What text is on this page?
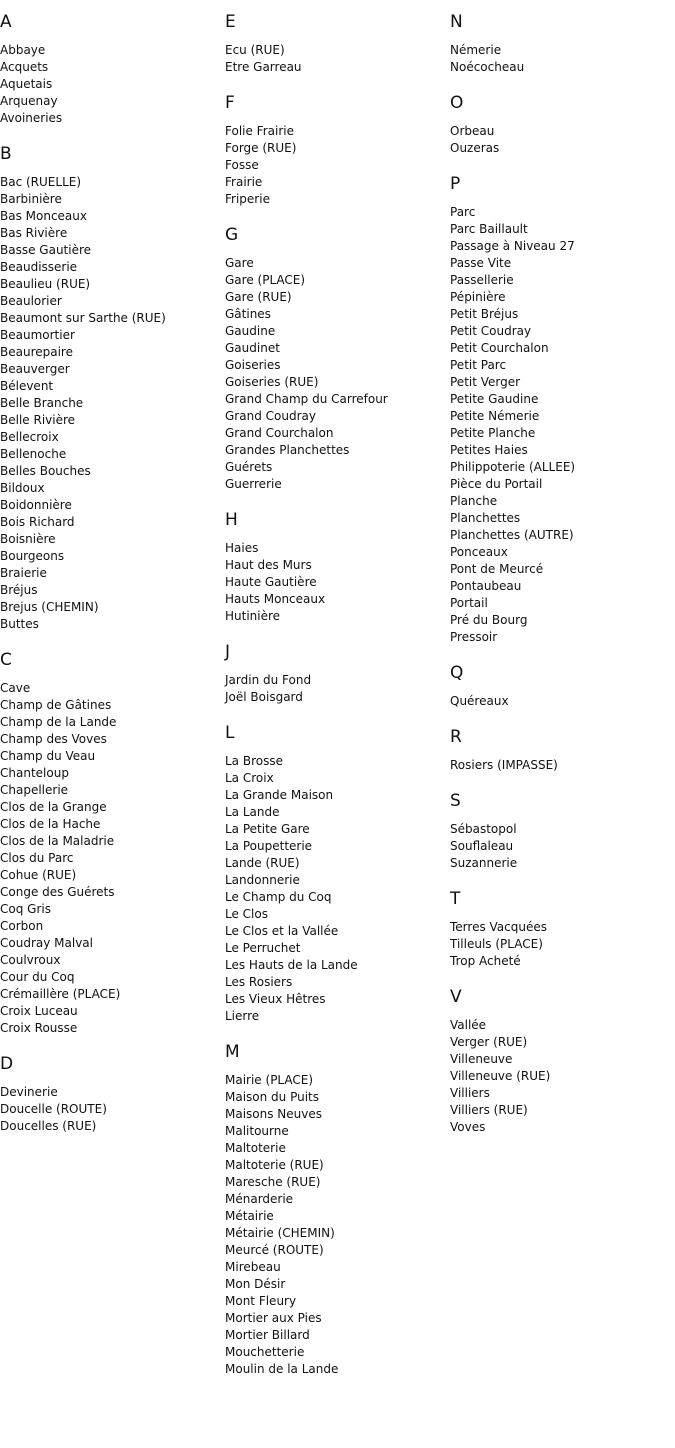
A
Abbaye
Acquets
Aquetais
Arquenay
Avoineries
B
Bac (RUELLE)
Barbinière
Bas Monceaux
Bas Rivière
Basse Gautière
Beaudisserie
Beaulieu (RUE)
Beaulorier
Beaumont sur Sarthe (RUE)
Beaumortier
Beaurepaire
Beauverger
Bélevent
Belle Branche
Belle Rivière
Bellecroix
Bellenoche
Belles Bouches
Bildoux
Boidonnière
Bois Richard
Boisnière
Bourgeons
Braierie
Bréjus
Brejus (CHEMIN)
Buttes
C
Cave
Champ de Gâtines
Champ de la Lande
Champ des Voves
Champ du Veau
Chanteloup
Chapellerie
Clos de la Grange
Clos de la Hache
Clos de la Maladrie
Clos du Parc
Cohue (RUE)
Conge des Guérets
Coq Gris
Corbon
Coudray Malval
Coulvroux
Cour du Coq
Crémaillère (PLACE)
Croix Luceau
Croix Rousse
D
Devinerie
Doucelle (ROUTE)
Doucelles (RUE)
E
Ecu (RUE)
Etre Garreau
F
Folie Frairie
Forge (RUE)
Fosse
Frairie
Friperie
G
Gare
Gare (PLACE)
Gare (RUE)
Gâtines
Gaudine
Gaudinet
Goiseries
Goiseries (RUE)
Grand Champ du Carrefour
Grand Coudray
Grand Courchalon
Grandes Planchettes
Guérets
Guerrerie
H
Haies
Haut des Murs
Haute Gautière
Hauts Monceaux
Hutinière
J
Jardin du Fond
Joël Boisgard
L
La Brosse
La Croix
La Grande Maison
La Lande
La Petite Gare
La Poupetterie
Lande (RUE)
Landonnerie
Le Champ du Coq
Le Clos
Le Clos et la Vallée
Le Perruchet
Les Hauts de la Lande
Les Rosiers
Les Vieux Hêtres
Lierre
M
Mairie (PLACE)
Maison du Puits
Maisons Neuves
Malitourne
Maltoterie
Maltoterie (RUE)
Maresche (RUE)
Ménarderie
Métairie
Métairie (CHEMIN)
Meurcé (ROUTE)
Mirebeau
Mon Désir
Mont Fleury
Mortier aux Pies
Mortier Billard
Mouchetterie
Moulin de la Lande
N
Némerie
Noécocheau
O
Orbeau
Ouzeras
P
Parc
Parc Baillault
Passage à Niveau 27
Passe Vite
Passellerie
Pépinière
Petit Bréjus
Petit Coudray
Petit Courchalon
Petit Parc
Petit Verger
Petite Gaudine
Petite Némerie
Petite Planche
Petites Haies
Philippoterie (ALLEE)
Pièce du Portail
Planche
Planchettes
Planchettes (AUTRE)
Ponceaux
Pont de Meurcé
Pontaubeau
Portail
Pré du Bourg
Pressoir
Q
Quéreaux
R
Rosiers (IMPASSE)
S
Sébastopol
Souflaleau
Suzannerie
T
Terres Vacquées
Tilleuls (PLACE)
Trop Acheté
V
Vallée
Verger (RUE)
Villeneuve
Villeneuve (RUE)
Villiers
Villiers (RUE)
Voves
